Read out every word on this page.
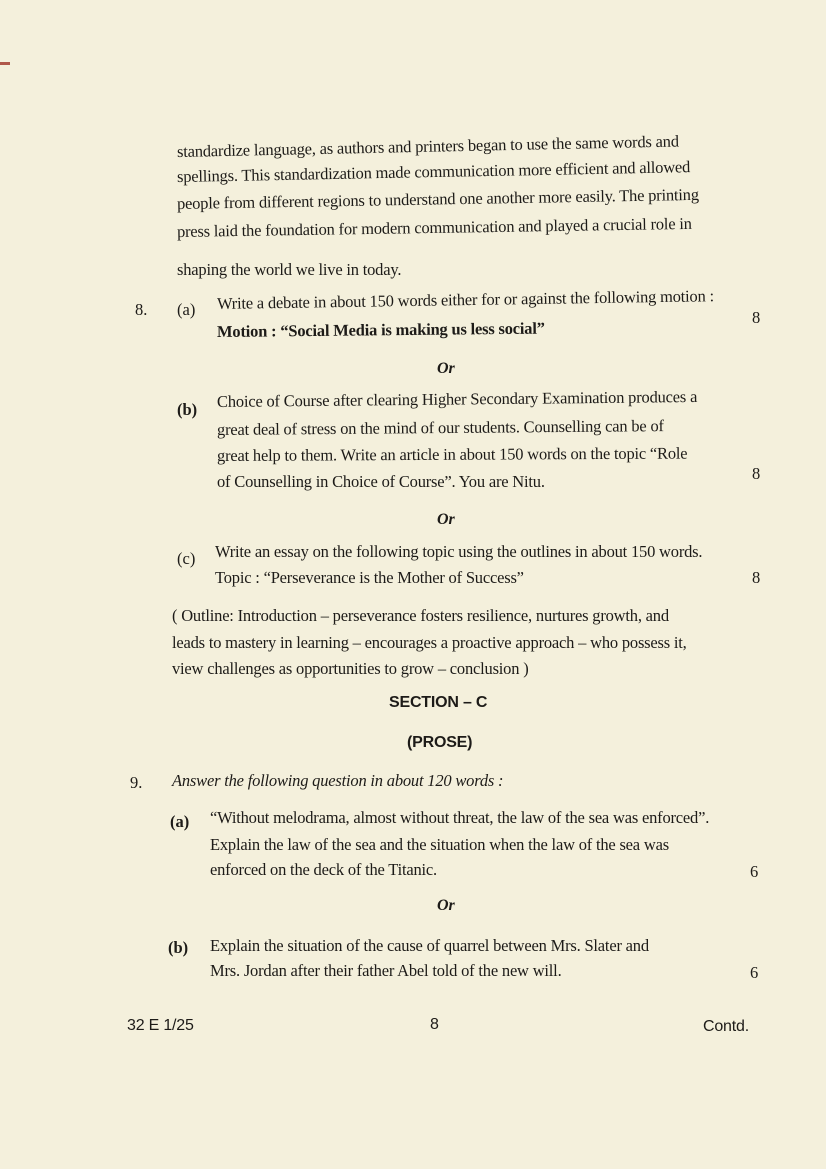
standardize language, as authors and printers began to use the same words and
spellings. This standardization made communication more efficient and allowed
people from different regions to understand one another more easily. The printing
press laid the foundation for modern communication and played a crucial role in
shaping the world we live in today.
8. (a) Write a debate in about 150 words either for or against the following motion :
Motion : “Social Media is making us less social”
8
Or
(b) Choice of Course after clearing Higher Secondary Examination produces a
great deal of stress on the mind of our students. Counselling can be of
great help to them. Write an article in about 150 words on the topic “Role
of Counselling in Choice of Course”. You are Nitu.	8
Or
(c) Write an essay on the following topic using the outlines in about 150 words.
Topic : “Perseverance is the Mother of Success”	8
( Outline: Introduction – perseverance fosters resilience, nurtures growth, and
leads to mastery in learning – encourages a proactive approach – who possess it,
view challenges as opportunities to grow – conclusion )
SECTION – C
(PROSE)
9. Answer the following question in about 120 words :
(a) “Without melodrama, almost without threat, the law of the sea was enforced”.
Explain the law of the sea and the situation when the law of the sea was
enforced on the deck of the Titanic.	6
Or
(b) Explain the situation of the cause of quarrel between Mrs. Slater and
Mrs. Jordan after their father Abel told of the new will.	6
32 E 1/25	8	Contd.
